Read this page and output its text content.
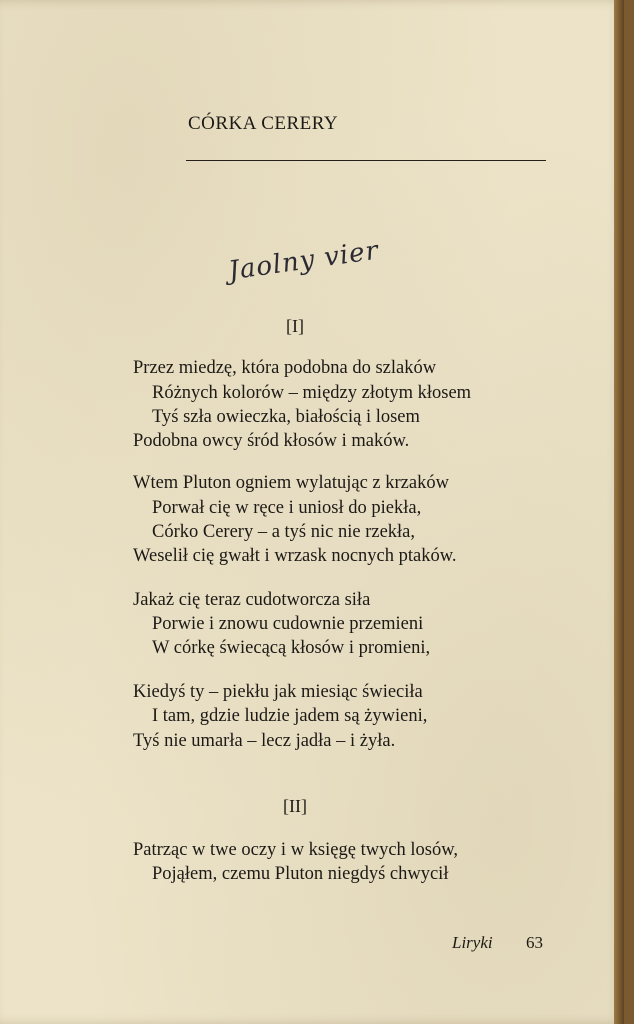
CÓRKA CERERY
Jaolny vier
[I]
Przez miedzę, która podobna do szlaków
Różnych kolorów – między złotym kłosem
Tyś szła owieczka, białością i losem
Podobna owcy śród kłosów i maków.
Wtem Pluton ogniem wylatując z krzaków
Porwał cię w ręce i uniosł do piekła,
Córko Cerery – a tyś nic nie rzekła,
Weselił cię gwałt i wrzask nocnych ptaków.
Jakaż cię teraz cudotworcza siła
Porwie i znowu cudownie przemieni
W córkę świecącą kłosów i promieni,
Kiedyś ty – piekłu jak miesiąc świeciła
I tam, gdzie ludzie jadem są żywieni,
Tyś nie umarła – lecz jadła – i żyła.
[II]
Patrząc w twe oczy i w księgę twych losów,
Pojąłem, czemu Pluton niegdyś chwycił
Liryki 63
